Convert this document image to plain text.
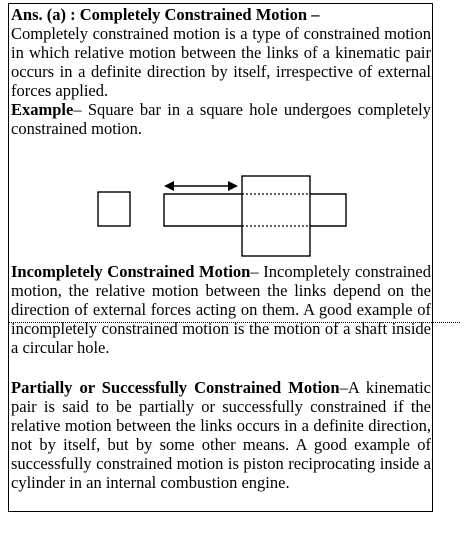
Ans. (a) : Completely Constrained Motion –
Completely constrained motion is a type of constrained motion in which relative motion between the links of a kinematic pair occurs in a definite direction by itself, irrespective of external forces applied.
Example– Square bar in a square hole undergoes completely constrained motion.

Incompletely Constrained Motion– Incompletely constrained motion, the relative motion between the links depend on the direction of external forces acting on them. A good example of incompletely constrained motion is the motion of a shaft inside a circular hole.

Partially or Successfully Constrained Motion–A kinematic pair is said to be partially or successfully constrained if the relative motion between the links occurs in a definite direction, not by itself, but by some other means. A good example of successfully constrained motion is piston reciprocating inside a cylinder in an internal combustion engine.
